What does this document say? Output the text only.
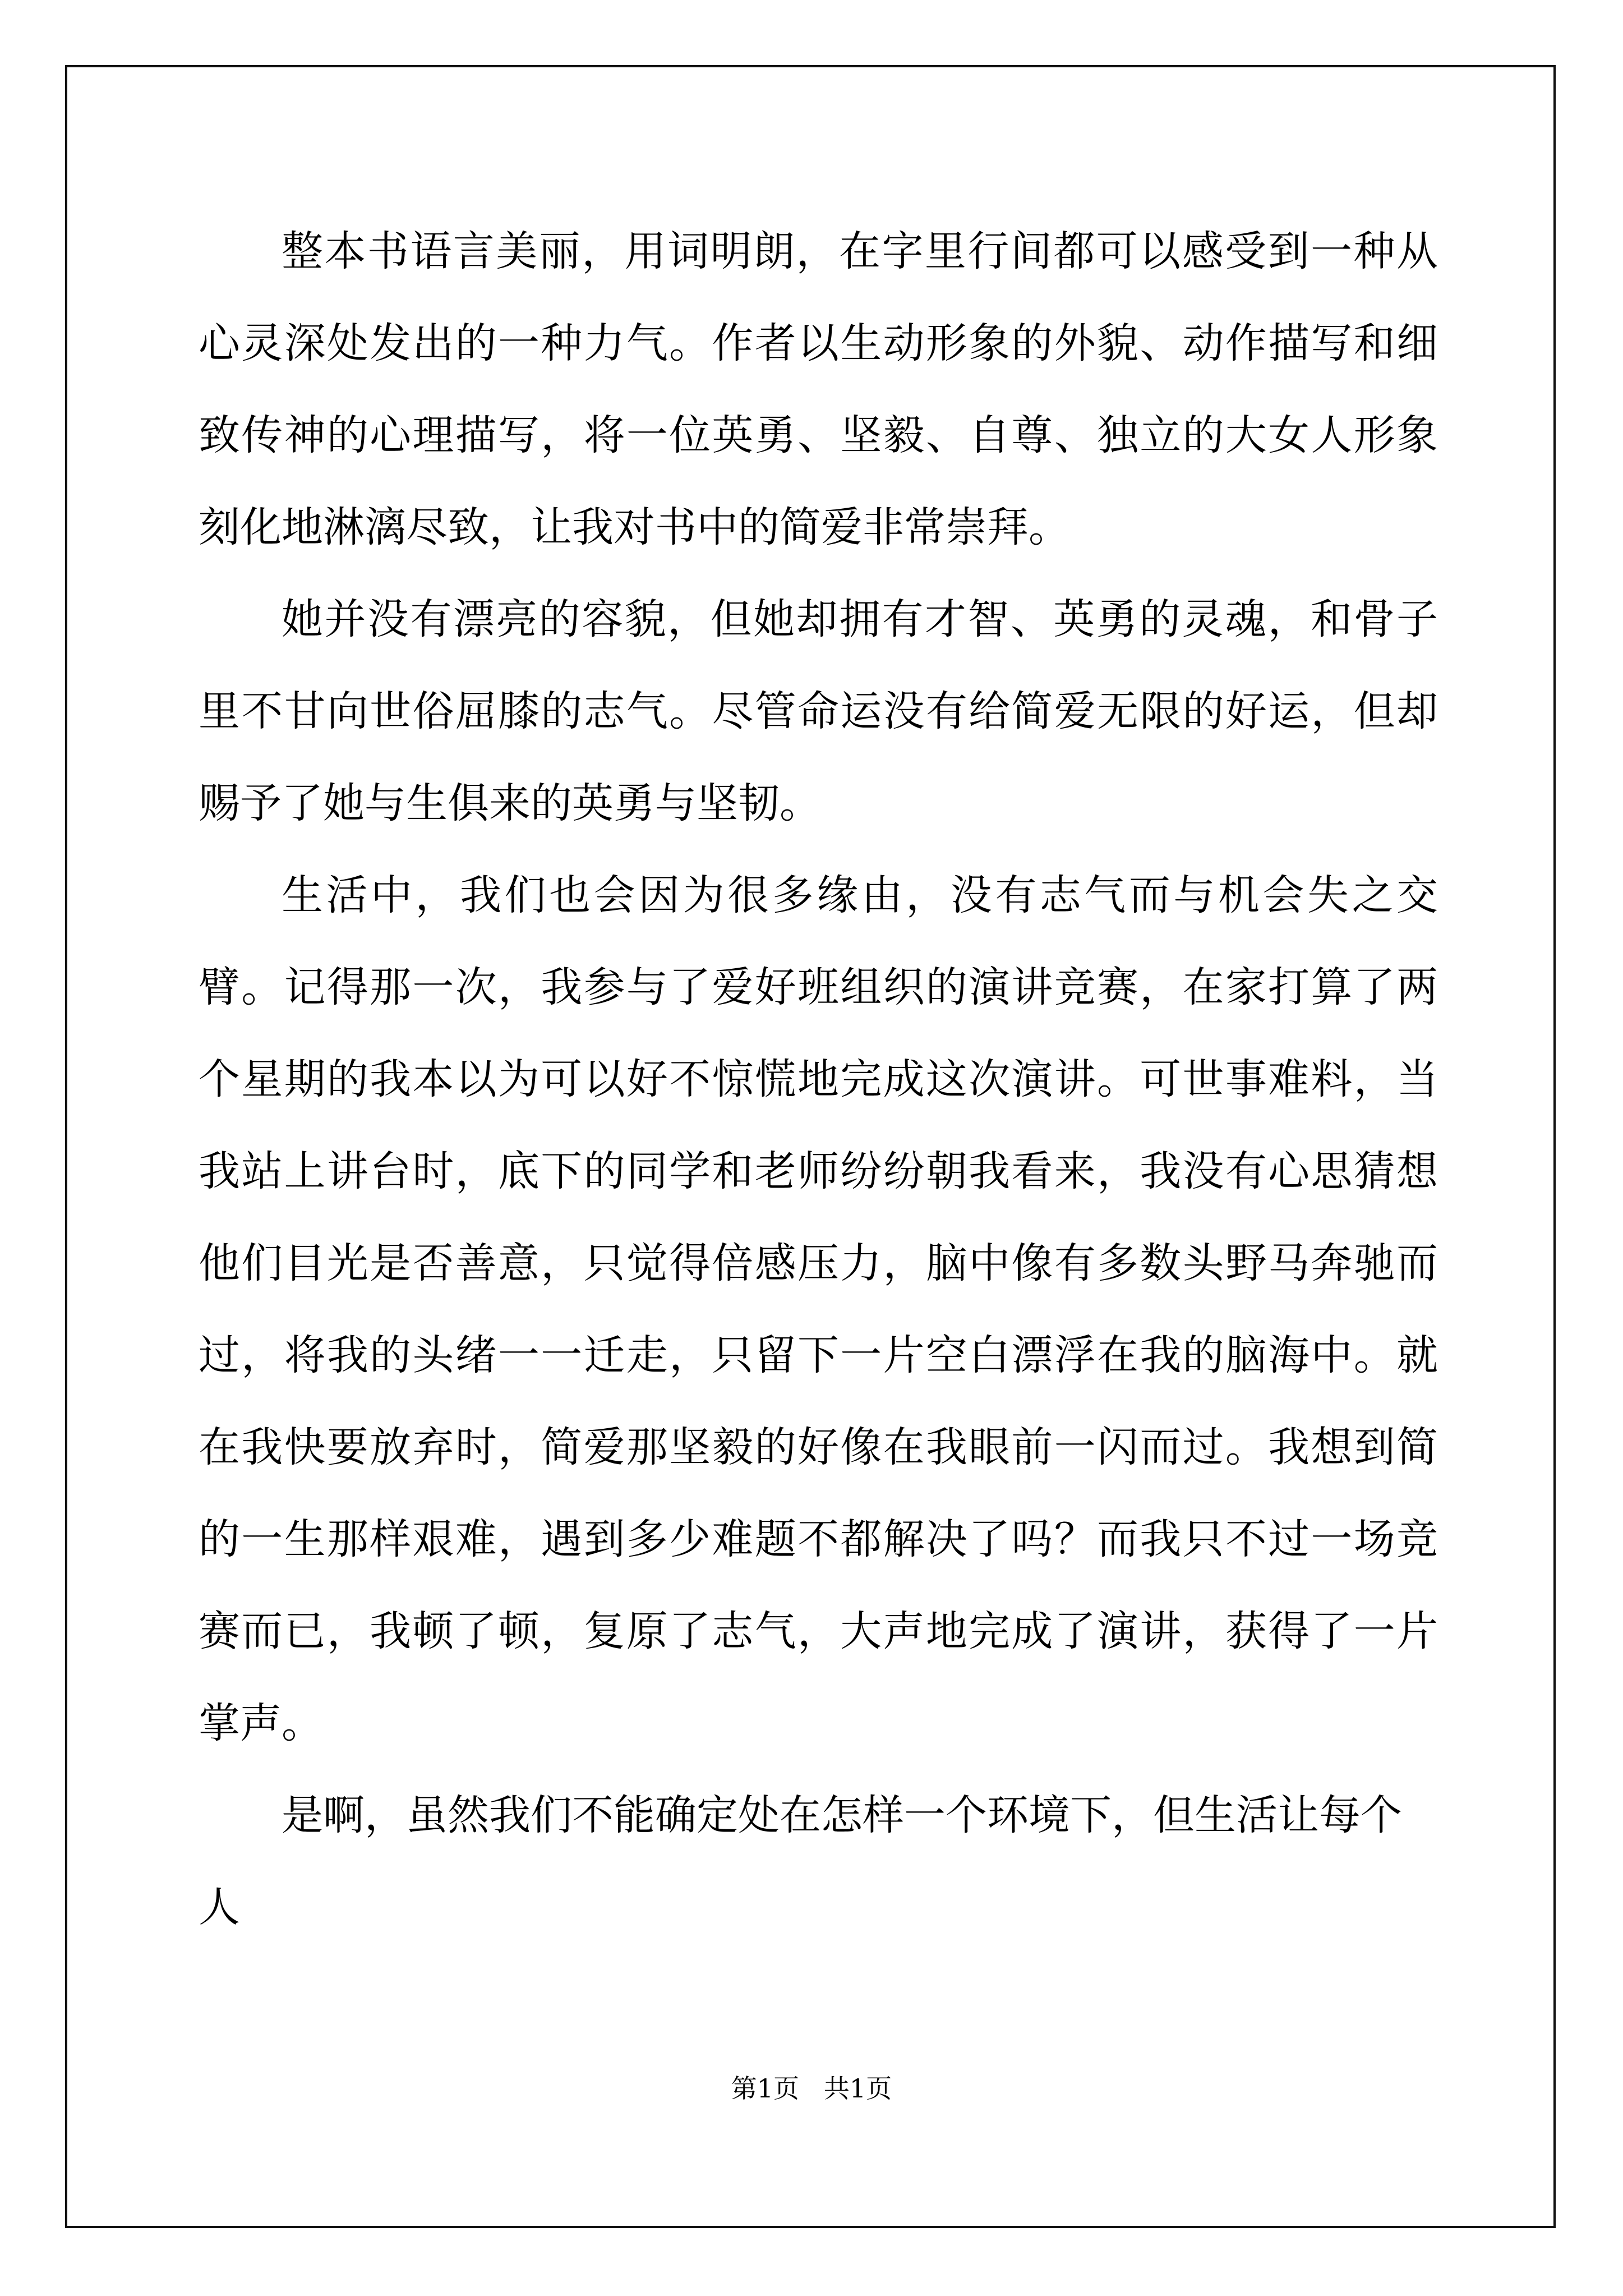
整本书语言美丽，用词明朗，在字里行间都可以感受到一种从心灵深处发出的一种力气。作者以生动形象的外貌、动作描写和细致传神的心理描写，将一位英勇、坚毅、自尊、独立的大女人形象刻化地淋漓尽致，让我对书中的简爱非常崇拜。

她并没有漂亮的容貌，但她却拥有才智、英勇的灵魂，和骨子里不甘向世俗屈膝的志气。尽管命运没有给简爱无限的好运，但却赐予了她与生俱来的英勇与坚韧。

生活中，我们也会因为很多缘由，没有志气而与机会失之交臂。记得那一次，我参与了爱好班组织的演讲竞赛，在家打算了两个星期的我本以为可以好不惊慌地完成这次演讲。可世事难料，当我站上讲台时，底下的同学和老师纷纷朝我看来，我没有心思猜想他们目光是否善意，只觉得倍感压力，脑中像有多数头野马奔驰而过，将我的头绪一一迁走，只留下一片空白漂浮在我的脑海中。就在我快要放弃时，简爱那坚毅的好像在我眼前一闪而过。我想到简的一生那样艰难，遇到多少难题不都解决了吗？而我只不过一场竞赛而已，我顿了顿，复原了志气，大声地完成了演讲，获得了一片掌声。

是啊，虽然我们不能确定处在怎样一个环境下，但生活让每个人

第1页   共1页
